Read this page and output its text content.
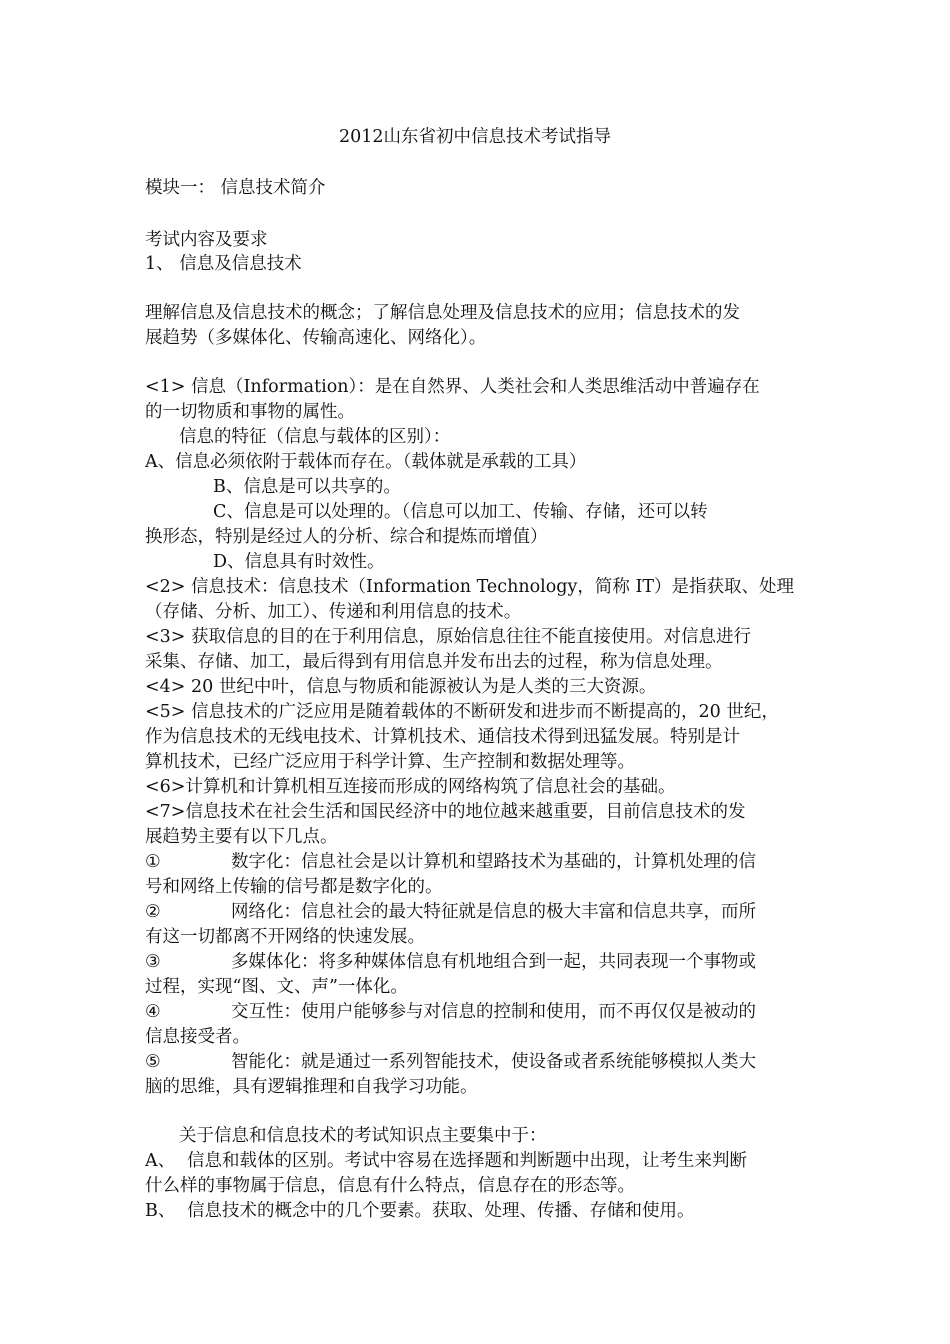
2012山东省初中信息技术考试指导
模块一： 信息技术简介
考试内容及要求
1、 信息及信息技术
理解信息及信息技术的概念；了解信息处理及信息技术的应用；信息技术的发
展趋势（多媒体化、传输高速化、网络化）。
<1> 信息（Information）：是在自然界、人类社会和人类思维活动中普遍存在
的一切物质和事物的属性。
信息的特征（信息与载体的区别）：
A、信息必须依附于载体而存在。（载体就是承载的工具）
B、信息是可以共享的。
C、信息是可以处理的。（信息可以加工、传输、存储，还可以转
换形态，特别是经过人的分析、综合和提炼而增值）
D、信息具有时效性。
<2> 信息技术：信息技术（Information Technology，简称 IT）是指获取、处理
（存储、分析、加工）、传递和利用信息的技术。
<3> 获取信息的目的在于利用信息，原始信息往往不能直接使用。对信息进行
采集、存储、加工，最后得到有用信息并发布出去的过程，称为信息处理。
<4> 20 世纪中叶，信息与物质和能源被认为是人类的三大资源。
<5> 信息技术的广泛应用是随着载体的不断研发和进步而不断提高的，20 世纪，
作为信息技术的无线电技术、计算机技术、通信技术得到迅猛发展。特别是计
算机技术，已经广泛应用于科学计算、生产控制和数据处理等。
<6>计算机和计算机相互连接而形成的网络构筑了信息社会的基础。
<7>信息技术在社会生活和国民经济中的地位越来越重要，目前信息技术的发
展趋势主要有以下几点。
①	数字化：信息社会是以计算机和望路技术为基础的，计算机处理的信
号和网络上传输的信号都是数字化的。
②	网络化：信息社会的最大特征就是信息的极大丰富和信息共享，而所
有这一切都离不开网络的快速发展。
③	多媒体化：将多种媒体信息有机地组合到一起，共同表现一个事物或
过程，实现“图、文、声”一体化。
④	交互性：使用户能够参与对信息的控制和使用，而不再仅仅是被动的
信息接受者。
⑤	智能化：就是通过一系列智能技术，使设备或者系统能够模拟人类大
脑的思维，具有逻辑推理和自我学习功能。
关于信息和信息技术的考试知识点主要集中于：
A、 信息和载体的区别。考试中容易在选择题和判断题中出现，让考生来判断
什么样的事物属于信息，信息有什么特点，信息存在的形态等。
B、 信息技术的概念中的几个要素。获取、处理、传播、存储和使用。
